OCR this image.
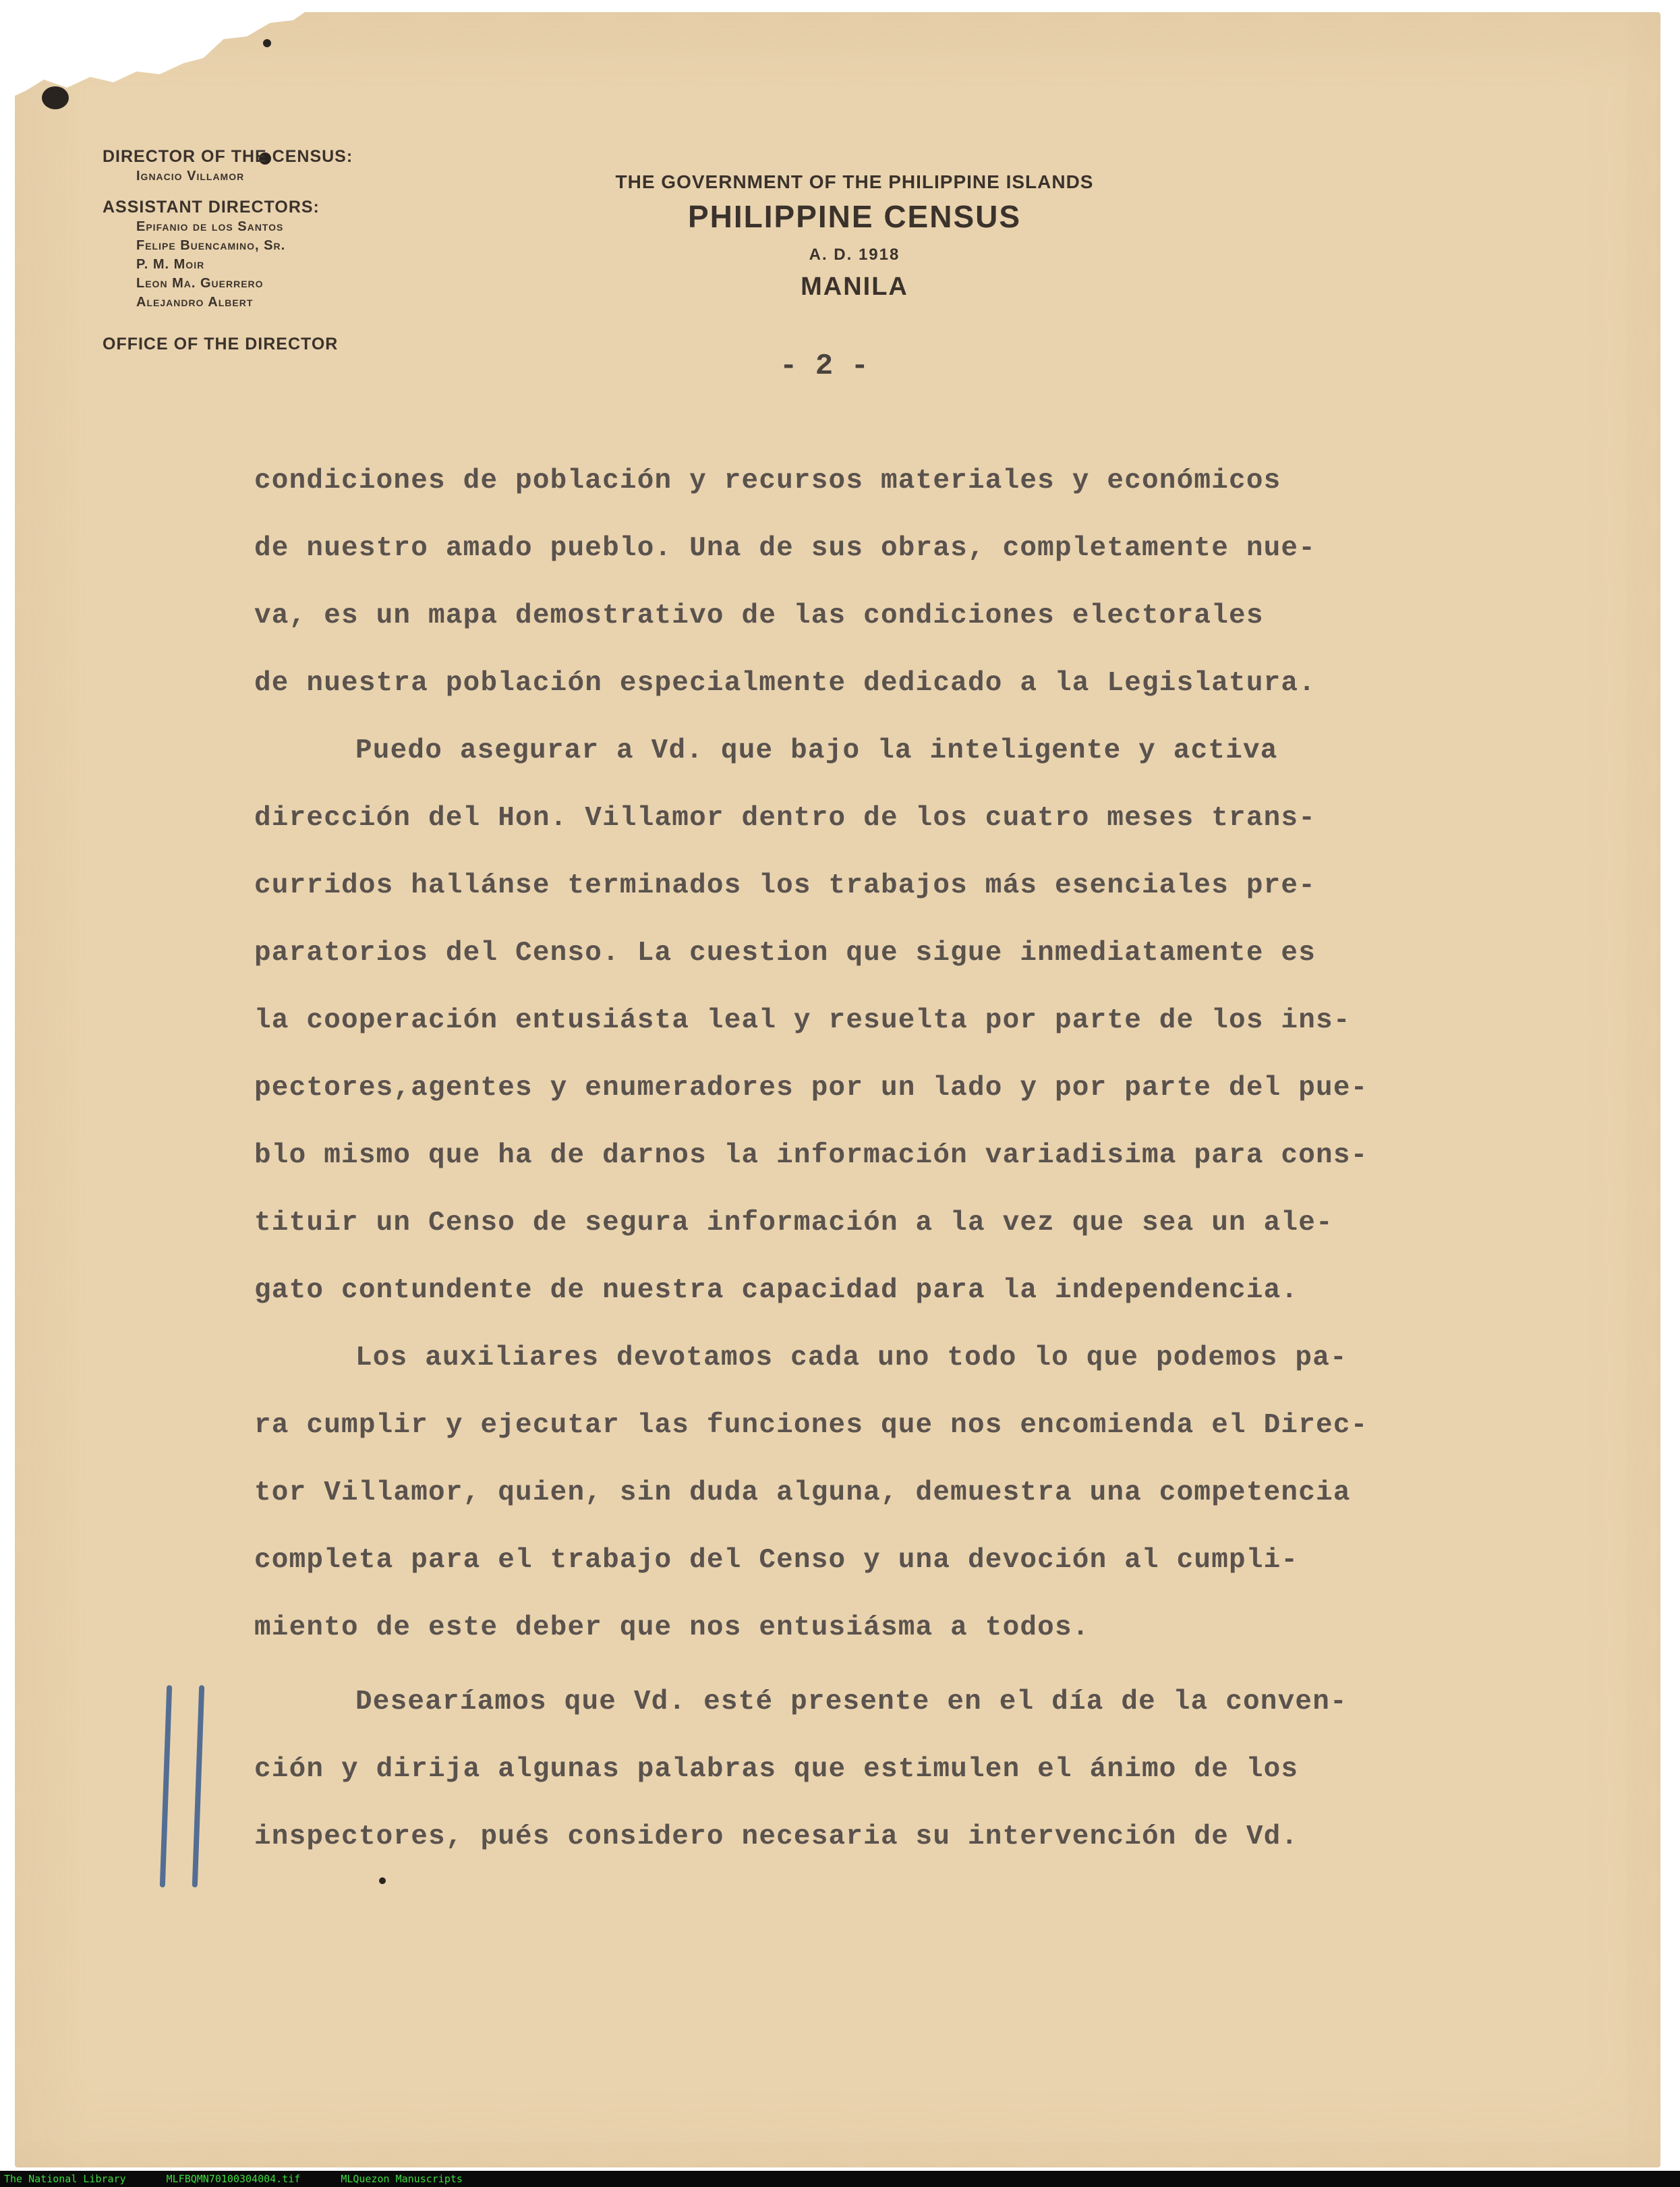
DIRECTOR OF THE CENSUS:

Ignacio Villamor

ASSISTANT DIRECTORS:

Epifanio de los Santos

Felipe Buencamino, Sr.

P. M. Moir

Leon Ma. Guerrero

Alejandro Albert

OFFICE OF THE DIRECTOR

THE GOVERNMENT OF THE PHILIPPINE ISLANDS

PHILIPPINE CENSUS

A. D. 1918

MANILA

- 2 -
condiciones de población y recursos materiales y económicos
de nuestro amado pueblo. Una de sus obras, completamente nue-
va, es un mapa demostrativo de las condiciones electorales
de nuestra población especialmente dedicado a la Legislatura.
Puedo asegurar a Vd. que bajo la inteligente y activa
dirección del Hon. Villamor dentro de los cuatro meses trans-
curridos hallánse terminados los trabajos más esenciales pre-
paratorios del Censo. La cuestion que sigue inmediatamente es
la cooperación entusiásta leal y resuelta por parte de los ins-
pectores,agentes y enumeradores por un lado y por parte del pue-
blo mismo que ha de darnos la información variadisima para cons-
tituir un Censo de segura información a la vez que sea un ale-
gato contundente de nuestra capacidad para la independencia.
Los auxiliares devotamos cada uno todo lo que podemos pa-
ra cumplir y ejecutar las funciones que nos encomienda el Direc-
tor Villamor, quien, sin duda alguna, demuestra una competencia
completa para el trabajo del Censo y una devoción al cumpli-
miento de este deber que nos entusiásma a todos.
Desearíamos que Vd. esté presente en el día de la conven-
ción y dirija algunas palabras que estimulen el ánimo de los
inspectores, pués considero necesaria su intervención de Vd.
The National Library	MLFBQMN70100304004.tif	MLQuezon Manuscripts
